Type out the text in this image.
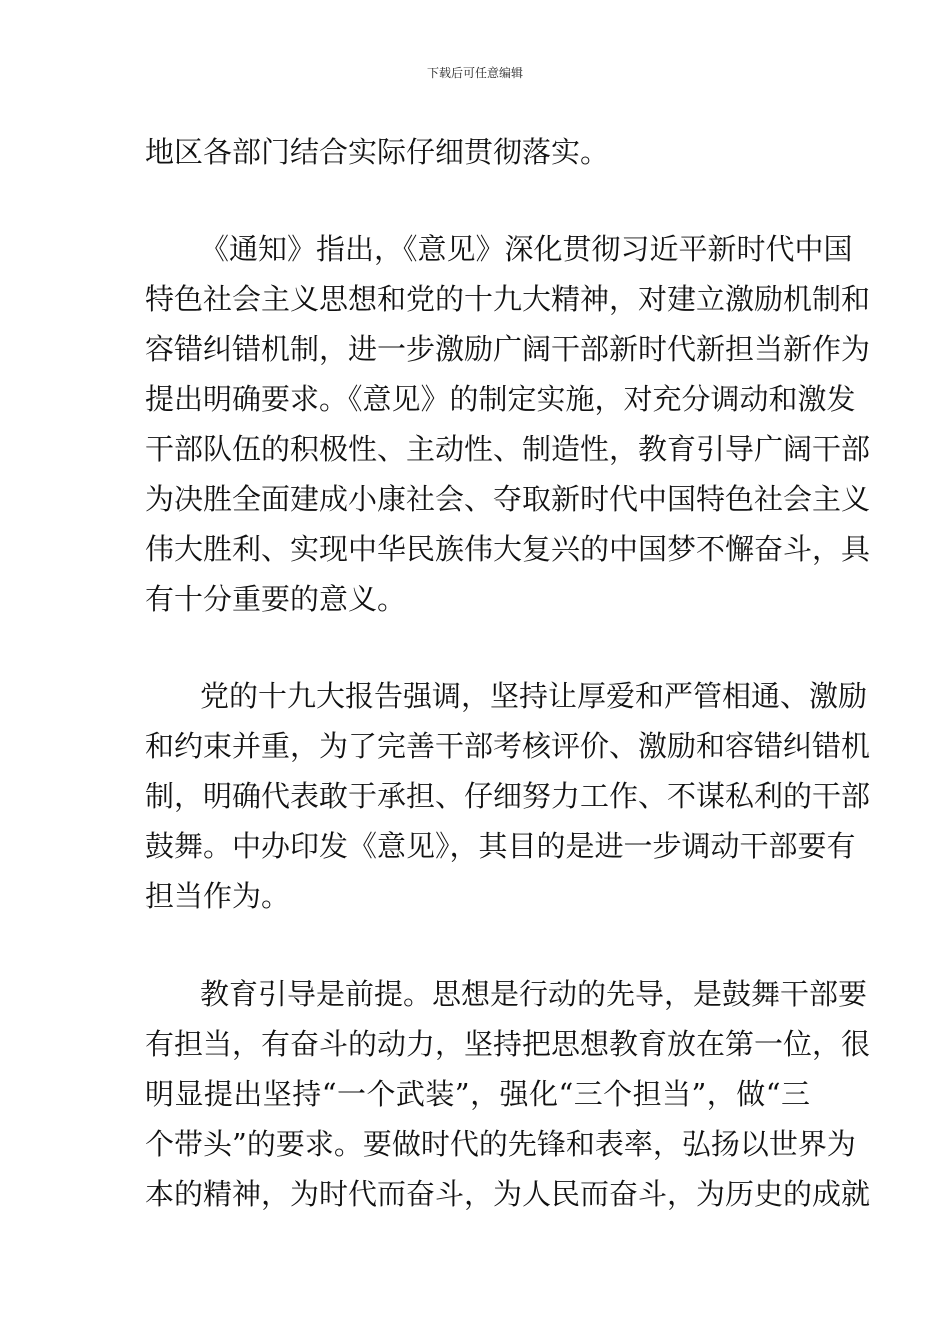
下载后可任意编辑
地区各部门结合实际仔细贯彻落实。
《通知》指出，《意见》深化贯彻习近平新时代中国
特色社会主义思想和党的十九大精神，对建立激励机制和
容错纠错机制，进一步激励广阔干部新时代新担当新作为
提出明确要求。《意见》的制定实施，对充分调动和激发
干部队伍的积极性、主动性、制造性，教育引导广阔干部
为决胜全面建成小康社会、夺取新时代中国特色社会主义
伟大胜利、实现中华民族伟大复兴的中国梦不懈奋斗，具
有十分重要的意义。
党的十九大报告强调，坚持让厚爱和严管相通、激励
和约束并重，为了完善干部考核评价、激励和容错纠错机
制，明确代表敢于承担、仔细努力工作、不谋私利的干部
鼓舞。中办印发《意见》，其目的是进一步调动干部要有
担当作为。
教育引导是前提。思想是行动的先导，是鼓舞干部要
有担当，有奋斗的动力，坚持把思想教育放在第一位，很
明显提出坚持“一个武装”，强化“三个担当”，做“三
个带头”的要求。要做时代的先锋和表率，弘扬以世界为
本的精神，为时代而奋斗，为人民而奋斗，为历史的成就
